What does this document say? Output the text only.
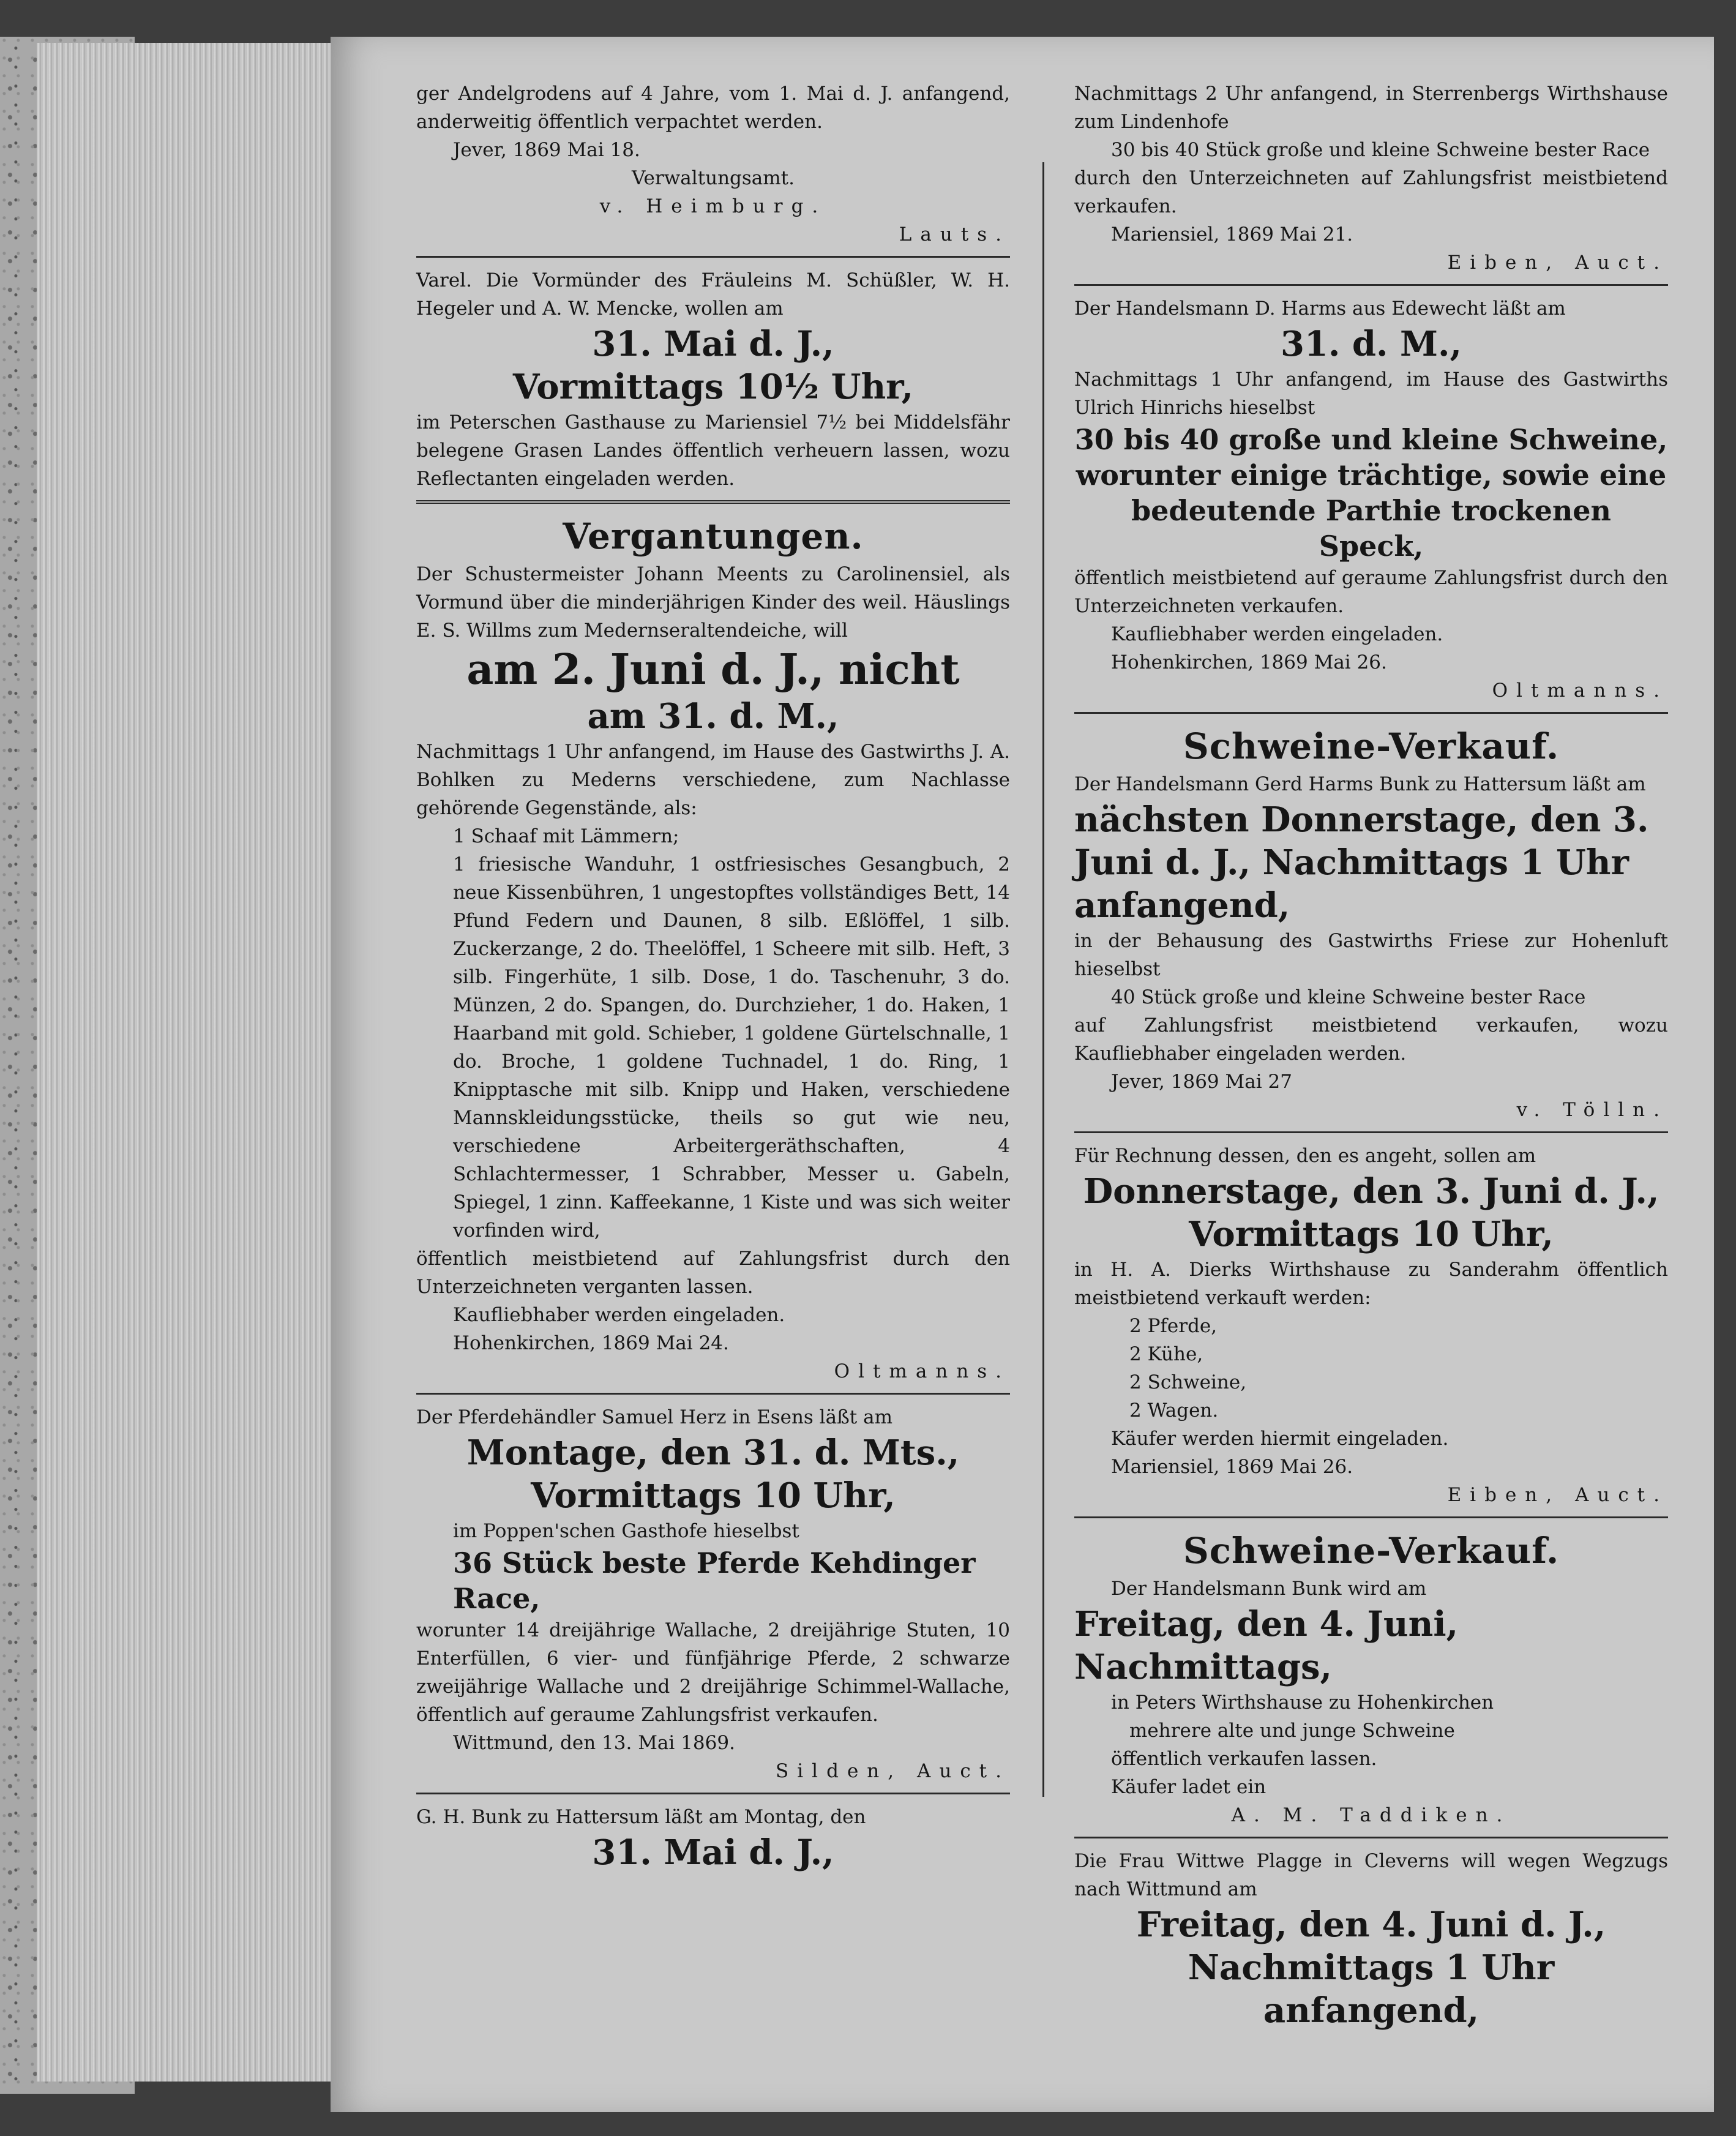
ger Andelgrodens auf 4 Jahre, vom 1. Mai d. J. anfangend, anderweitig öffentlich verpachtet werden.
Jever, 1869 Mai 18.
Verwaltungsamt.
v. Heimburg.
Lauts.
Varel. Die Vormünder des Fräuleins M. Schüßler, W. H. Hegeler und A. W. Mencke, wollen am
31. Mai d. J.,
Vormittags 10½ Uhr,
im Peterschen Gasthause zu Mariensiel 7½ bei Middelsfähr belegene Grasen Landes öffentlich verheuern lassen, wozu Reflectanten eingeladen werden.
Vergantungen.
Der Schustermeister Johann Meents zu Carolinensiel, als Vormund über die minderjährigen Kinder des weil. Häuslings E. S. Willms zum Medernseraltendeiche, will
am 2. Juni d. J., nicht
am 31. d. M.,
Nachmittags 1 Uhr anfangend, im Hause des Gastwirths J. A. Bohlken zu Mederns verschiedene, zum Nachlasse gehörende Gegenstände, als:
1 Schaaf mit Lämmern;
1 friesische Wanduhr, 1 ostfriesisches Gesangbuch, 2 neue Kissenbühren, 1 ungestopftes vollständiges Bett, 14 Pfund Federn und Daunen, 8 silb. Eßlöffel, 1 silb. Zuckerzange, 2 do. Theelöffel, 1 Scheere mit silb. Heft, 3 silb. Fingerhüte, 1 silb. Dose, 1 do. Taschenuhr, 3 do. Münzen, 2 do. Spangen, do. Durchzieher, 1 do. Haken, 1 Haarband mit gold. Schieber, 1 goldene Gürtelschnalle, 1 do. Broche, 1 goldene Tuchnadel, 1 do. Ring, 1 Knipptasche mit silb. Knipp und Haken, verschiedene Mannskleidungsstücke, theils so gut wie neu, verschiedene Arbeitergeräthschaften, 4 Schlachtermesser, 1 Schrabber, Messer u. Gabeln, Spiegel, 1 zinn. Kaffeekanne, 1 Kiste und was sich weiter vorfinden wird,
öffentlich meistbietend auf Zahlungsfrist durch den Unterzeichneten verganten lassen.
Kaufliebhaber werden eingeladen.
Hohenkirchen, 1869 Mai 24.
Oltmanns.
Der Pferdehändler Samuel Herz in Esens läßt am
Montage, den 31. d. Mts.,
Vormittags 10 Uhr,
im Poppen'schen Gasthofe hieselbst
36 Stück beste Pferde Kehdinger Race,
worunter 14 dreijährige Wallache, 2 dreijährige Stuten, 10 Enterfüllen, 6 vier- und fünfjährige Pferde, 2 schwarze zweijährige Wallache und 2 dreijährige Schimmel-Wallache, öffentlich auf geraume Zahlungsfrist verkaufen.
Wittmund, den 13. Mai 1869.
Silden, Auct.
G. H. Bunk zu Hattersum läßt am Montag, den
31. Mai d. J.,
Nachmittags 2 Uhr anfangend, in Sterrenbergs Wirthshause zum Lindenhofe
30 bis 40 Stück große und kleine Schweine bester Race
durch den Unterzeichneten auf Zahlungsfrist meistbietend verkaufen.
Mariensiel, 1869 Mai 21.
Eiben, Auct.
Der Handelsmann D. Harms aus Edewecht läßt am
31. d. M.,
Nachmittags 1 Uhr anfangend, im Hause des Gastwirths Ulrich Hinrichs hieselbst
30 bis 40 große und kleine Schweine, worunter einige trächtige, sowie eine bedeutende Parthie trockenen Speck,
öffentlich meistbietend auf geraume Zahlungsfrist durch den Unterzeichneten verkaufen.
Kaufliebhaber werden eingeladen.
Hohenkirchen, 1869 Mai 26.
Oltmanns.
Schweine-Verkauf.
Der Handelsmann Gerd Harms Bunk zu Hattersum läßt am
nächsten Donnerstage, den 3. Juni d. J., Nachmittags 1 Uhr anfangend,
in der Behausung des Gastwirths Friese zur Hohenluft hieselbst
40 Stück große und kleine Schweine bester Race
auf Zahlungsfrist meistbietend verkaufen, wozu Kaufliebhaber eingeladen werden.
Jever, 1869 Mai 27
v. Tölln.
Für Rechnung dessen, den es angeht, sollen am
Donnerstage, den 3. Juni d. J.,
Vormittags 10 Uhr,
in H. A. Dierks Wirthshause zu Sanderahm öffentlich meistbietend verkauft werden:
2 Pferde,
2 Kühe,
2 Schweine,
2 Wagen.
Käufer werden hiermit eingeladen.
Mariensiel, 1869 Mai 26.
Eiben, Auct.
Schweine-Verkauf.
Der Handelsmann Bunk wird am
Freitag, den 4. Juni, Nachmittags,
in Peters Wirthshause zu Hohenkirchen
mehrere alte und junge Schweine
öffentlich verkaufen lassen.
Käufer ladet ein
A. M. Taddiken.
Die Frau Wittwe Plagge in Cleverns will wegen Wegzugs nach Wittmund am
Freitag, den 4. Juni d. J.,
Nachmittags 1 Uhr anfangend,
